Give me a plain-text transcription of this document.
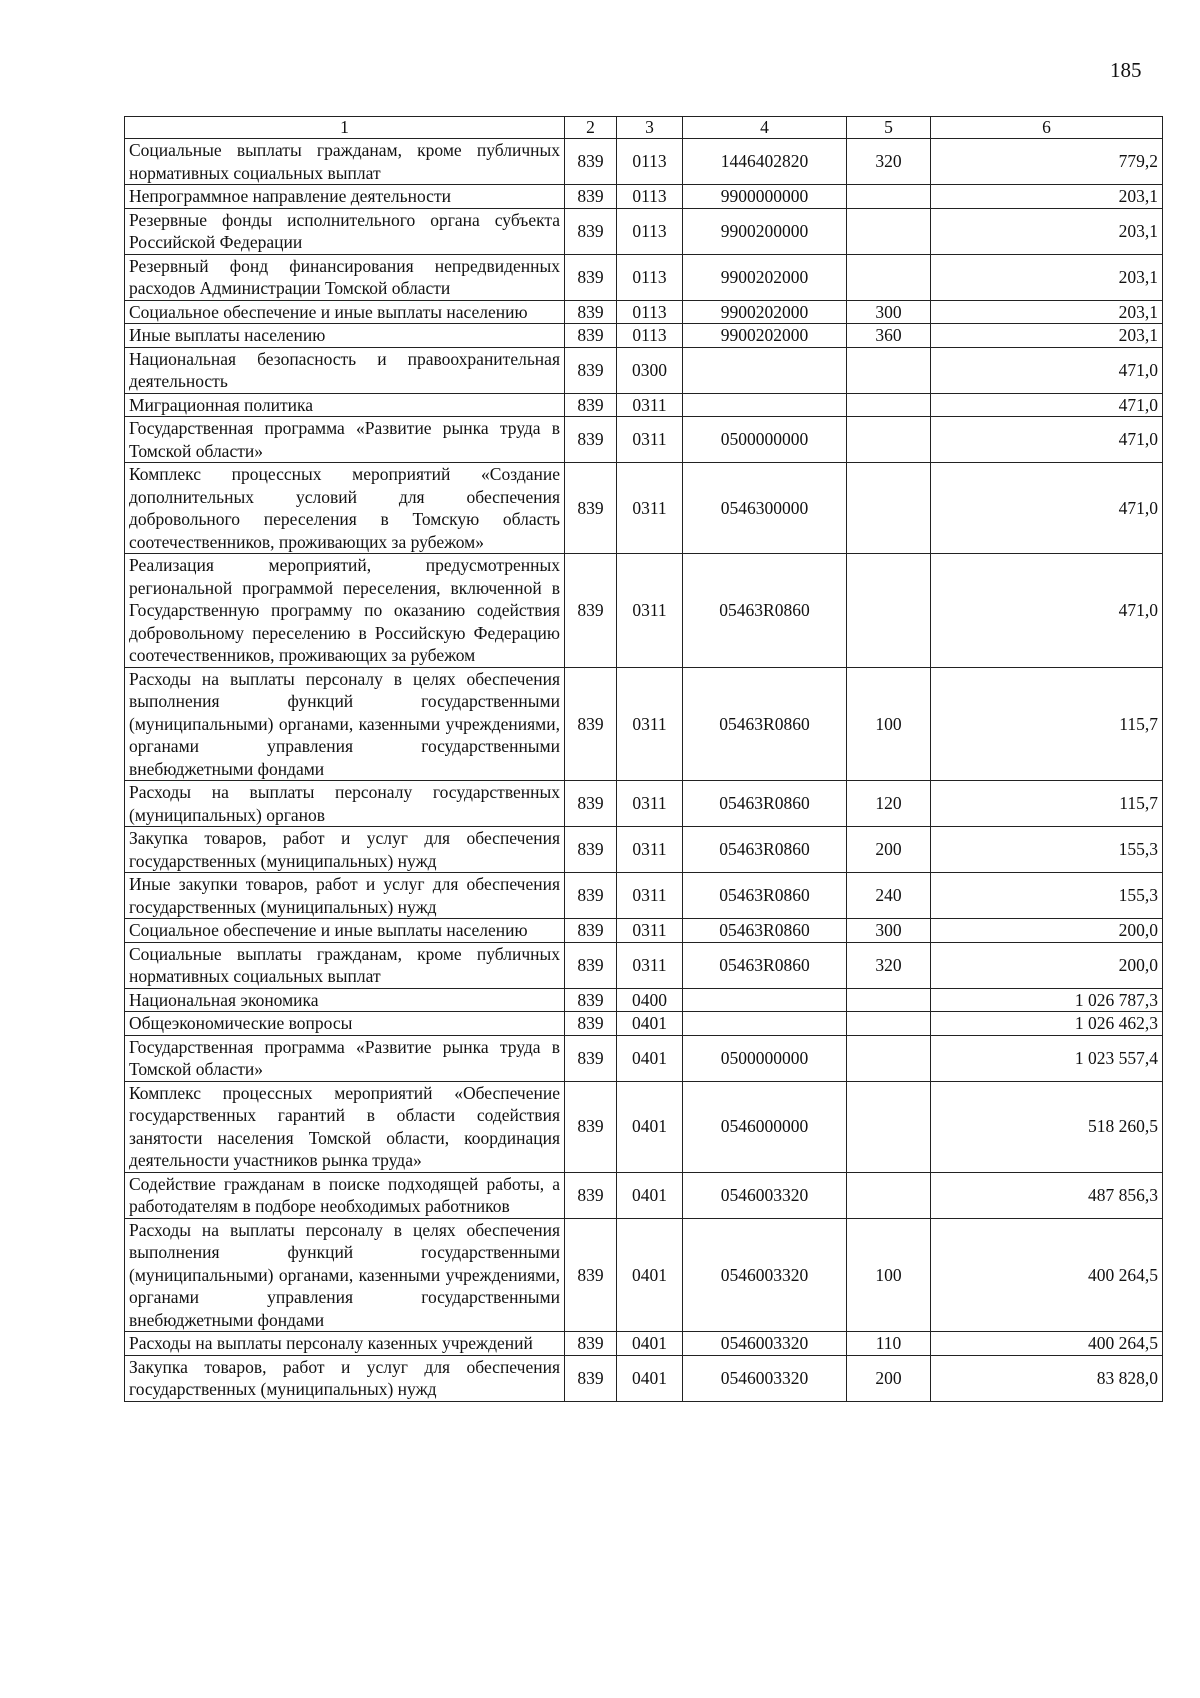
185
1	2	3	4	5	6
Социальные выплаты гражданам, кроме публичных нормативных социальных выплат	839	0113	1446402820	320	779,2
Непрограммное направление деятельности	839	0113	9900000000		203,1
Резервные фонды исполнительного органа субъекта Российской Федерации	839	0113	9900200000		203,1
Резервный фонд финансирования непредвиденных расходов Администрации Томской области	839	0113	9900202000		203,1
Социальное обеспечение и иные выплаты населению	839	0113	9900202000	300	203,1
Иные выплаты населению	839	0113	9900202000	360	203,1
Национальная безопасность и правоохранительная деятельность	839	0300			471,0
Миграционная политика	839	0311			471,0
Государственная программа «Развитие рынка труда в Томской области»	839	0311	0500000000		471,0
Комплекс процессных мероприятий «Создание дополнительных условий для обеспечения добровольного переселения в Томскую область соотечественников, проживающих за рубежом»	839	0311	0546300000		471,0
Реализация мероприятий, предусмотренных региональной программой переселения, включенной в Государственную программу по оказанию содействия добровольному переселению в Российскую Федерацию соотечественников, проживающих за рубежом	839	0311	05463R0860		471,0
Расходы на выплаты персоналу в целях обеспечения выполнения функций государственными (муниципальными) органами, казенными учреждениями, органами управления государственными внебюджетными фондами	839	0311	05463R0860	100	115,7
Расходы на выплаты персоналу государственных (муниципальных) органов	839	0311	05463R0860	120	115,7
Закупка товаров, работ и услуг для обеспечения государственных (муниципальных) нужд	839	0311	05463R0860	200	155,3
Иные закупки товаров, работ и услуг для обеспечения государственных (муниципальных) нужд	839	0311	05463R0860	240	155,3
Социальное обеспечение и иные выплаты населению	839	0311	05463R0860	300	200,0
Социальные выплаты гражданам, кроме публичных нормативных социальных выплат	839	0311	05463R0860	320	200,0
Национальная экономика	839	0400			1 026 787,3
Общеэкономические вопросы	839	0401			1 026 462,3
Государственная программа «Развитие рынка труда в Томской области»	839	0401	0500000000		1 023 557,4
Комплекс процессных мероприятий «Обеспечение государственных гарантий в области содействия занятости населения Томской области, координация деятельности участников рынка труда»	839	0401	0546000000		518 260,5
Содействие гражданам в поиске подходящей работы, а работодателям в подборе необходимых работников	839	0401	0546003320		487 856,3
Расходы на выплаты персоналу в целях обеспечения выполнения функций государственными (муниципальными) органами, казенными учреждениями, органами управления государственными внебюджетными фондами	839	0401	0546003320	100	400 264,5
Расходы на выплаты персоналу казенных учреждений	839	0401	0546003320	110	400 264,5
Закупка товаров, работ и услуг для обеспечения государственных (муниципальных) нужд	839	0401	0546003320	200	83 828,0
